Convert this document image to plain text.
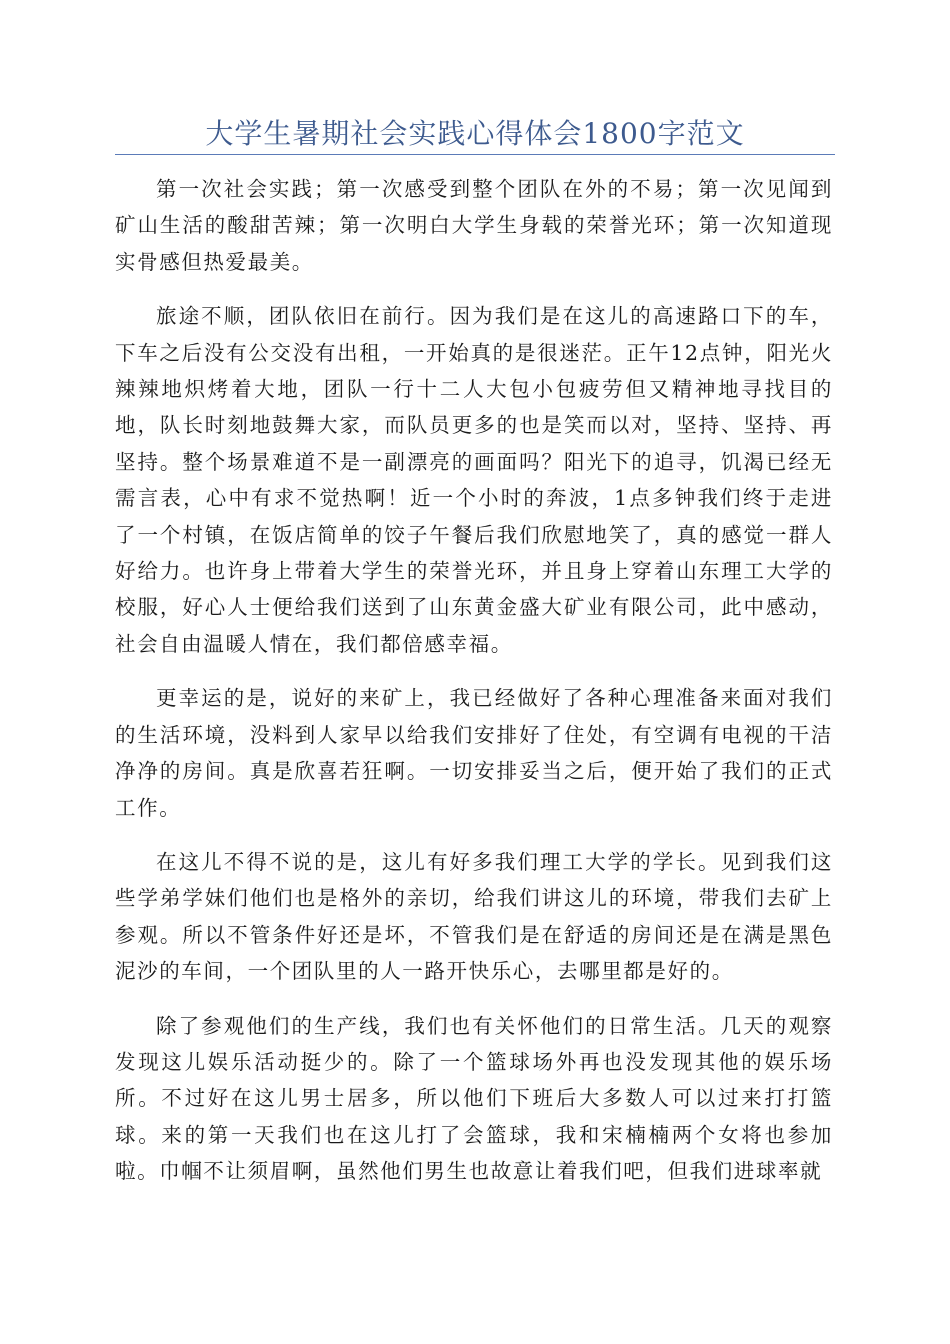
大学生暑期社会实践心得体会1800字范文

第一次社会实践；第一次感受到整个团队在外的不易；第一次见闻到矿山生活的酸甜苦辣；第一次明白大学生身载的荣誉光环；第一次知道现实骨感但热爱最美。

旅途不顺，团队依旧在前行。因为我们是在这儿的高速路口下的车，下车之后没有公交没有出租，一开始真的是很迷茫。正午12点钟，阳光火辣辣地炽烤着大地，团队一行十二人大包小包疲劳但又精神地寻找目的地，队长时刻地鼓舞大家，而队员更多的也是笑而以对，坚持、坚持、再坚持。整个场景难道不是一副漂亮的画面吗？阳光下的追寻，饥渴已经无需言表，心中有求不觉热啊！近一个小时的奔波，1点多钟我们终于走进了一个村镇，在饭店简单的饺子午餐后我们欣慰地笑了，真的感觉一群人好给力。也许身上带着大学生的荣誉光环，并且身上穿着山东理工大学的校服，好心人士便给我们送到了山东黄金盛大矿业有限公司，此中感动，社会自由温暖人情在，我们都倍感幸福。

更幸运的是，说好的来矿上，我已经做好了各种心理准备来面对我们的生活环境，没料到人家早以给我们安排好了住处，有空调有电视的干洁净净的房间。真是欣喜若狂啊。一切安排妥当之后，便开始了我们的正式工作。

在这儿不得不说的是，这儿有好多我们理工大学的学长。见到我们这些学弟学妹们他们也是格外的亲切，给我们讲这儿的环境，带我们去矿上参观。所以不管条件好还是坏，不管我们是在舒适的房间还是在满是黑色泥沙的车间，一个团队里的人一路开快乐心，去哪里都是好的。

除了参观他们的生产线，我们也有关怀他们的日常生活。几天的观察发现这儿娱乐活动挺少的。除了一个篮球场外再也没发现其他的娱乐场所。不过好在这儿男士居多，所以他们下班后大多数人可以过来打打篮球。来的第一天我们也在这儿打了会篮球，我和宋楠楠两个女将也参加啦。巾帼不让须眉啊，虽然他们男生也故意让着我们吧，但我们进球率就
